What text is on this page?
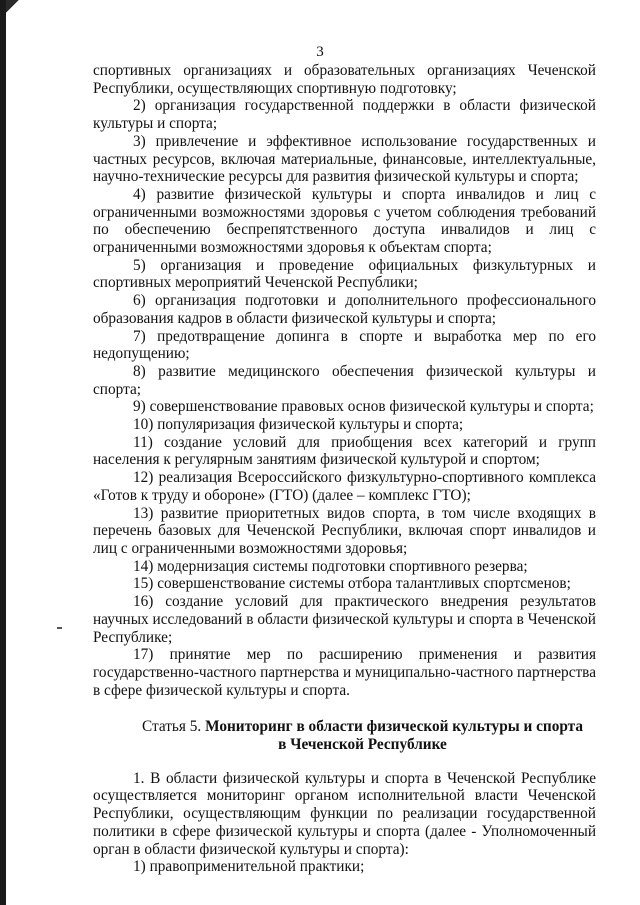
3

спортивных организациях и образовательных организациях Чеченской Республики, осуществляющих спортивную подготовку;

2) организация государственной поддержки в области физической культуры и спорта;

3) привлечение и эффективное использование государственных и частных ресурсов, включая материальные, финансовые, интеллектуальные, научно-технические ресурсы для развития физической культуры и спорта;

4) развитие физической культуры и спорта инвалидов и лиц с ограниченными возможностями здоровья с учетом соблюдения требований по обеспечению беспрепятственного доступа инвалидов и лиц с ограниченными возможностями здоровья к объектам спорта;

5) организация и проведение официальных физкультурных и спортивных мероприятий Чеченской Республики;

6) организация подготовки и дополнительного профессионального образования кадров в области физической культуры и спорта;

7) предотвращение допинга в спорте и выработка мер по его недопущению;

8) развитие медицинского обеспечения физической культуры и спорта;

9) совершенствование правовых основ физической культуры и спорта;

10) популяризация физической культуры и спорта;

11) создание условий для приобщения всех категорий и групп населения к регулярным занятиям физической культурой и спортом;

12) реализация Всероссийского физкультурно-спортивного комплекса «Готов к труду и обороне» (ГТО) (далее – комплекс ГТО);

13) развитие приоритетных видов спорта, в том числе входящих в перечень базовых для Чеченской Республики, включая спорт инвалидов и лиц с ограниченными возможностями здоровья;

14) модернизация системы подготовки спортивного резерва;

15) совершенствование системы отбора талантливых спортсменов;

16) создание условий для практического внедрения результатов научных исследований в области физической культуры и спорта в Чеченской Республике;

17) принятие мер по расширению применения и развития государственно-частного партнерства и муниципально-частного партнерства в сфере физической культуры и спорта.

Статья 5. Мониторинг в области физической культуры и спорта
в Чеченской Республике

1. В области физической культуры и спорта в Чеченской Республике осуществляется мониторинг органом исполнительной власти Чеченской Республики, осуществляющим функции по реализации государственной политики в сфере физической культуры и спорта (далее - Уполномоченный орган в области физической культуры и спорта):

1) правоприменительной практики;
